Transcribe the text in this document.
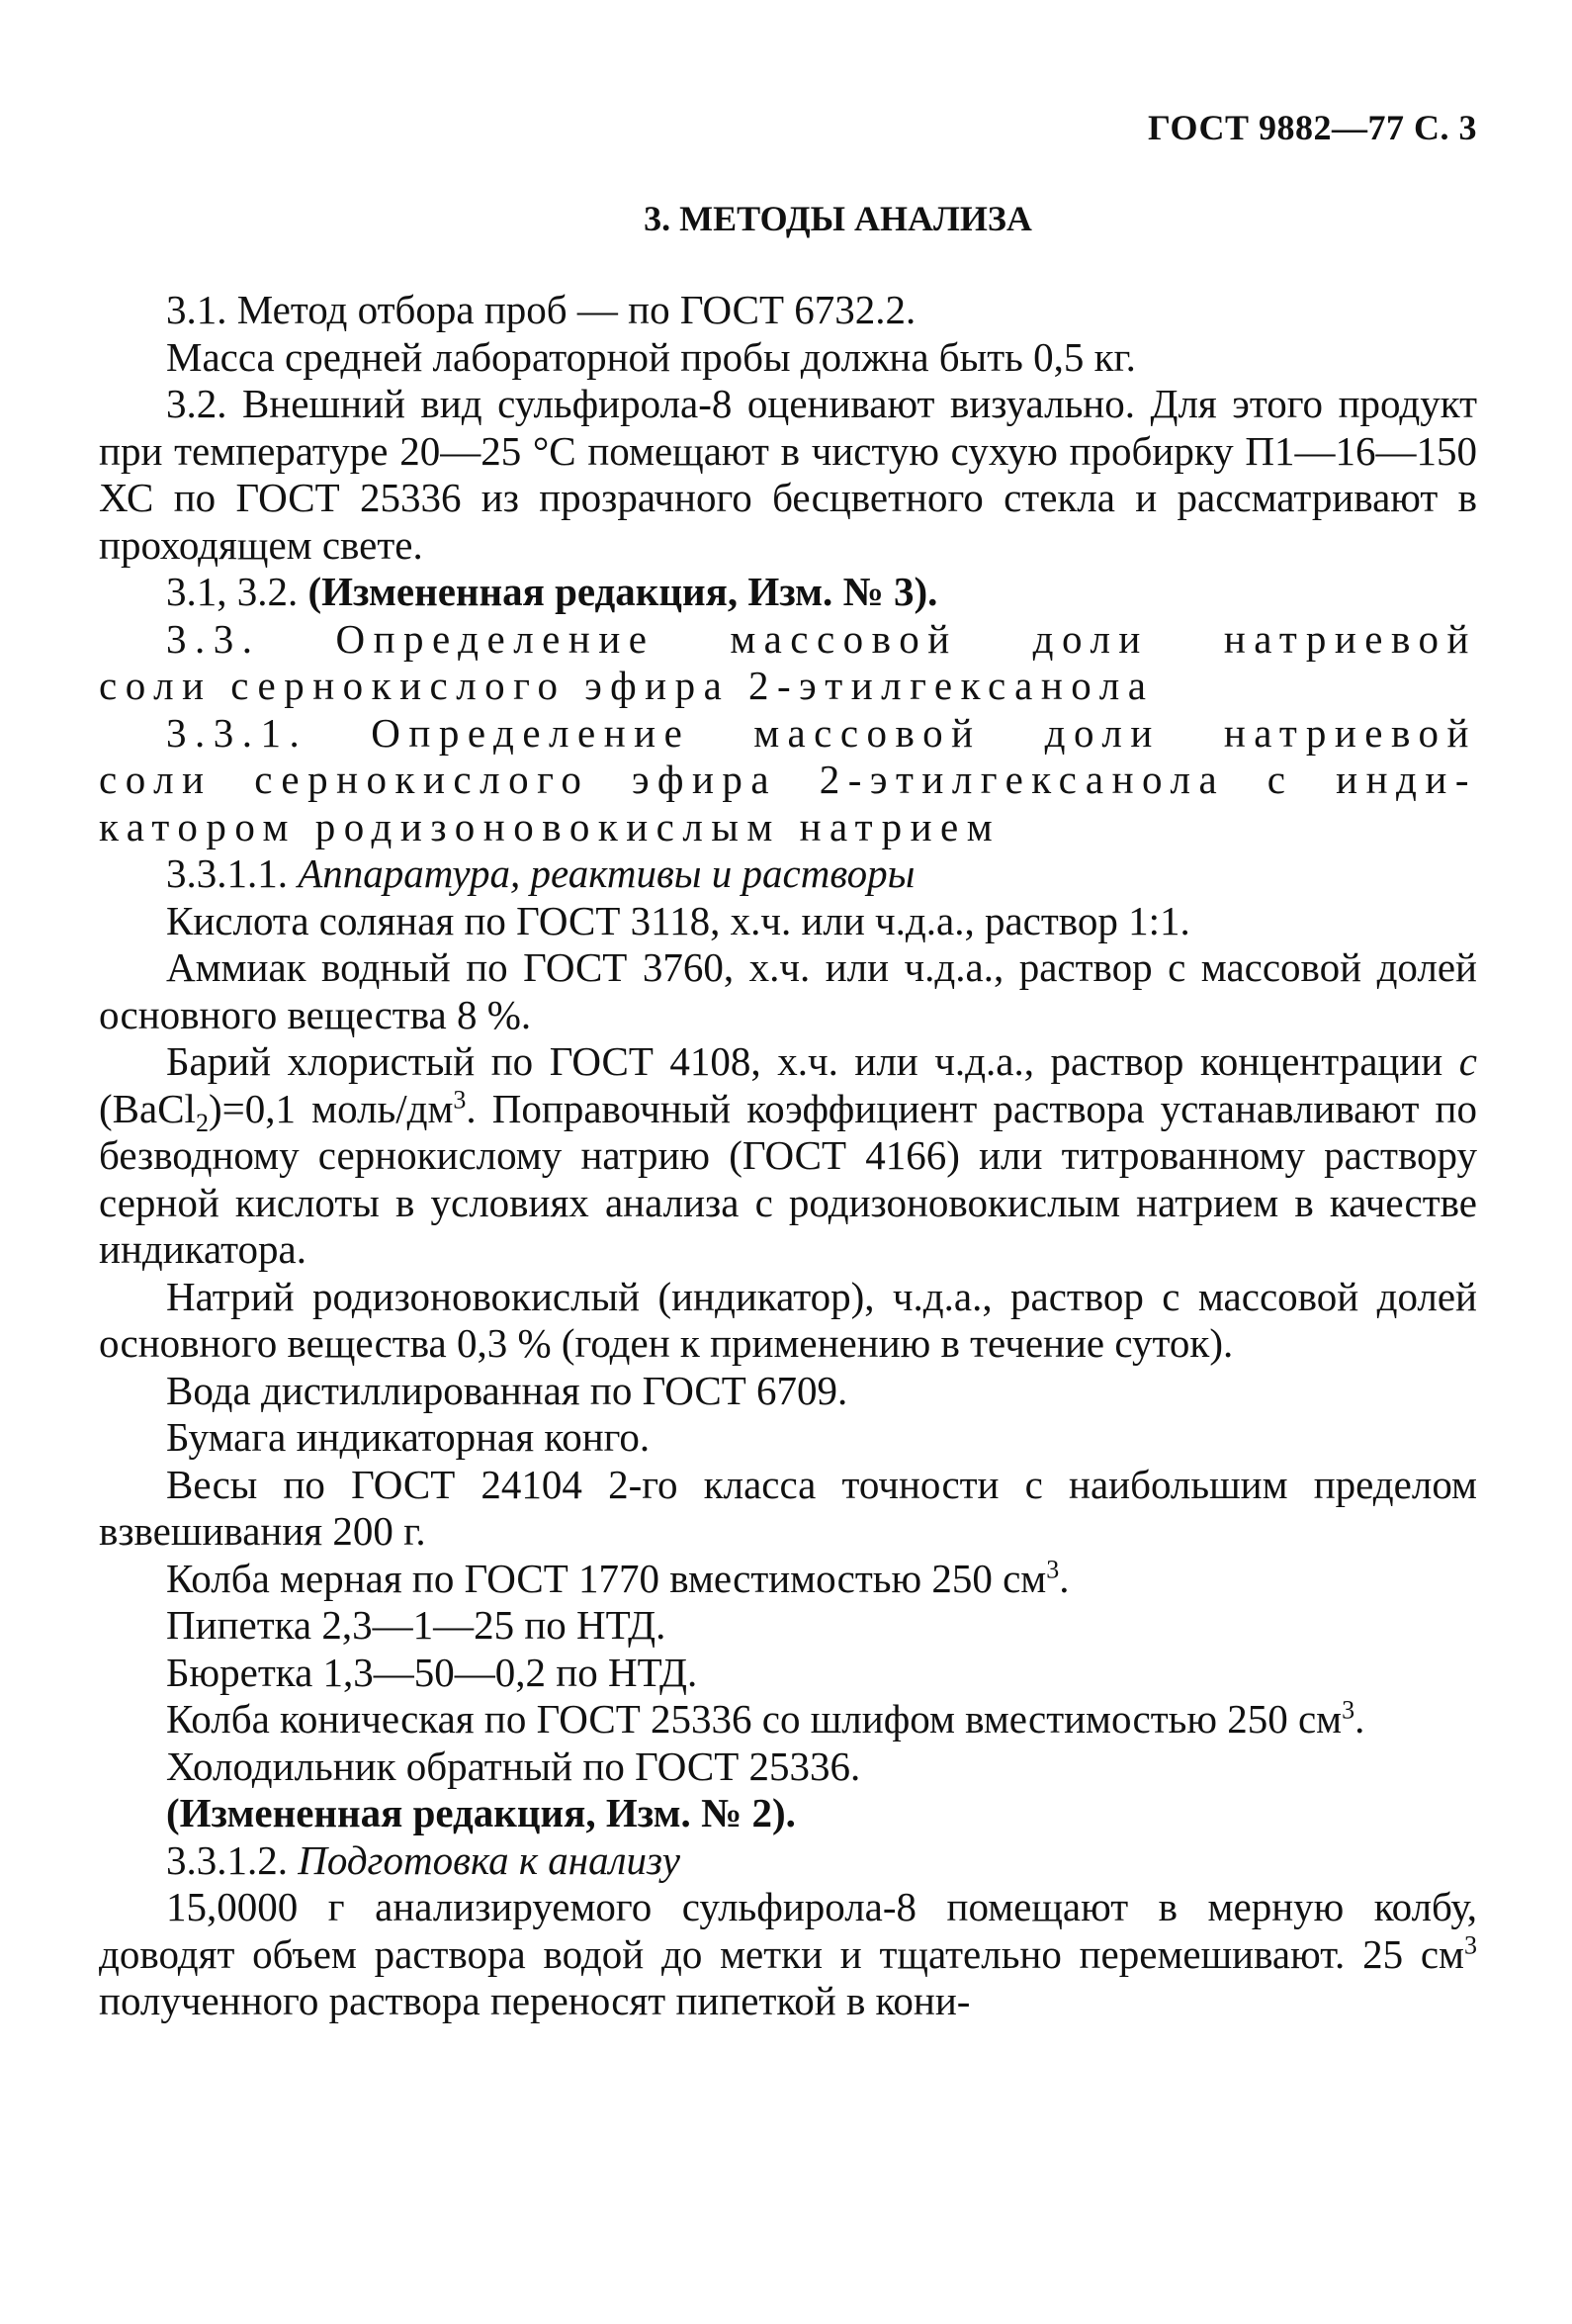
ГОСТ 9882—77 С. 3
3. МЕТОДЫ АНАЛИЗА

3.1. Метод отбора проб — по ГОСТ 6732.2.

Масса средней лабораторной пробы должна быть 0,5 кг.

3.2. Внешний вид сульфирола-8 оценивают визуально. Для этого продукт при температуре 20—25 °С помещают в чистую сухую пробирку П1—16—150 ХС по ГОСТ 25336 из прозрачного бесцветного стекла и рассматривают в проходящем свете.

3.1, 3.2. (Измененная редакция, Изм. № 3).

3.3. Определение массовой доли натриевой
соли сернокислого эфира 2-этилгексанола
3.3.1. Определение массовой доли натриевой
соли сернокислого эфира 2-этилгексанола с инди-
катором родизоновокислым натрием

3.3.1.1. Аппаратура, реактивы и растворы

Кислота соляная по ГОСТ 3118, х.ч. или ч.д.а., раствор 1:1.

Аммиак водный по ГОСТ 3760, х.ч. или ч.д.а., раствор с массовой долей основного вещества 8 %.

Барий хлористый по ГОСТ 4108, х.ч. или ч.д.а., раствор концентрации c (BaCl$_2$)=0,1 моль/$дм^3$. Поправочный коэффициент раствора устанавливают по безводному сернокислому натрию (ГОСТ 4166) или титрованному раствору серной кислоты в условиях анализа с родизоновокислым натрием в качестве индикатора.

Натрий родизоновокислый (индикатор), ч.д.а., раствор с массовой долей основного вещества 0,3 % (годен к применению в течение суток).

Вода дистиллированная по ГОСТ 6709.

Бумага индикаторная конго.

Весы по ГОСТ 24104 2-го класса точности с наибольшим пределом взвешивания 200 г.

Колба мерная по ГОСТ 1770 вместимостью 250 $см^3$.

Пипетка 2,3—1—25 по НТД.

Бюретка 1,3—50—0,2 по НТД.

Колба коническая по ГОСТ 25336 со шлифом вместимостью 250 $см^3$.

Холодильник обратный по ГОСТ 25336.

(Измененная редакция, Изм. № 2).

3.3.1.2. Подготовка к анализу

15,0000 г анализируемого сульфирола-8 помещают в мерную колбу, доводят объем раствора водой до метки и тщательно перемешивают. 25 $см^3$ полученного раствора переносят пипеткой в кони-
